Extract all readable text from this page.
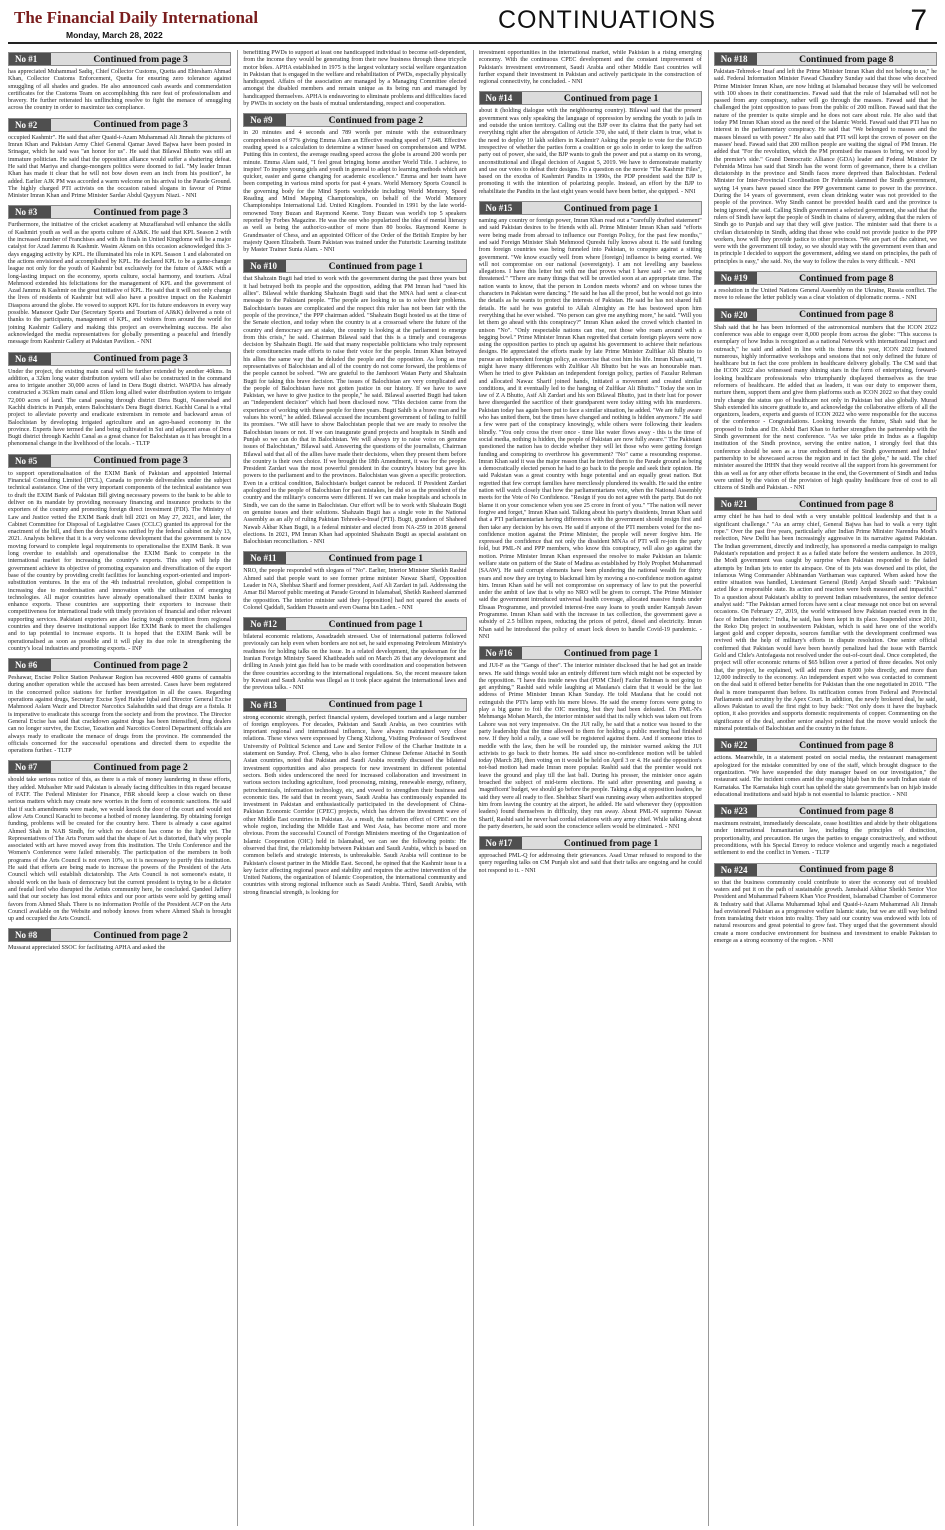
The Financial Daily International
Monday, March 28, 2022
CONTINUATIONS	7
No #1	Continued from page 3
has appreciated Muhammad Sadiq, Chief Collector Customs, Quetta and Ehtesham Ahmad Khan, Collector Customs Enforcement, Quetta for ensuring zero tolerance against smuggling of all shades and grades. He also announced cash awards and commendation certificates for the Customs Team on accomplishing this rare feat of professionalism and bravery. He further reiterated his unflinching resolve to fight the menace of smuggling across the country in order to maximize tax compliance.
No #2	Continued from page 3
occupied Kashmir". He said that after Quaid-i-Azam Muhammad Ali Jinnah the pictures of Imran Khan and Pakistan Army Chief General Qamar Javed Bajwa have been posted in Srinagar, which he said was "an honor for us". He said that Bilawal Bhutto was still an immature politician. He said that the opposition alliance would suffer a shattering defeat. He said that Mariya and change-mongers politics were doomed to fail. "My leader Imran Khan has made it clear that he will not bow down even an inch from his position", he added. Earlier AJK PM was accorded a warm welcome on his arrival to the Parade Ground. The highly charged PTI activists on the occasion raised slogans in favour of Prime Minister Imran Khan and Prime Minister Sardar Abdul Qayyum Niazi. - NNI
No #3	Continued from page 3
Furthermore, the initiative of the cricket academy at Muzaffarabad will enhance the skills of Kashmiri youth as well as the sports culture of AJ&K. He said that KPL Season 2 with the increased number of Franchises and with its finals in United Kingdome will be a major catalyst for Azad Jammu & Kashmir. Wasim Akram on this occasion acknowledged this 3-days engaging activity by KPL. He illuminated his role in KPL Season 1 and elaborated on the actions envisioned and accomplished by KPL. He declared KPL to be a game-changer league not only for the youth of Kashmir but exclusively for the future of AJ&K with a long-lasting impact on the economy, sports culture, social harmony, and tourism. Afzal Mehmood extended his felicitations for the management of KPL and the government of Azad Jammu & Kashmir on the great initiative of KPL. He said that it will not only change the lives of residents of Kashmir but will also have a positive impact on the Kashmiri Diaspora around the globe. He vowed to support KPL for its future endeavors in every way possible. Mansoor Qadir Dar (Secretary Sports and Tourism of AJ&K) delivered a note of thanks to the participants, management of KPL, and visitors from around the world for joining Kashmir Gallery and making this project an overwhelming success. He also acknowledged the media representatives for globally presenting a peaceful and friendly message from Kashmir Gallery at Pakistan Pavilion. - NNI
No #4	Continued from page 3
Under the project, the existing main canal will be further extended by another 40kms. In addition, a 32km long water distribution system will also be constructed in the command area to irrigate another 30,000 acres of land in Dera Bugti district. WAPDA has already constructed a 363km main canal and 81km long allied water distribution system to irrigate 72,000 acres of land. The canal passing through district Dera Bugti, Naseerabad and Kachhi districts in Punjab, enters Balochistan's Dera Bugti district. Kachhi Canal is a vital project to alleviate poverty and eradicate extremism in remote and backward areas of Balochistan by developing irrigated agriculture and an agro-based economy in the province. Experts have termed the land being cultivated in Sui and adjacent areas of Dera Bugti district through Kachhi Canal as a great chance for Balochistan as it has brought in a phenomenal change in the livelihood of the locals. - TLTP
No #5	Continued from page 3
to support operationalisation of the EXIM Bank of Pakistan and appointed Internal Financial Consulting Limited (IFCL), Canada to provide deliverables under the subject technical assistance. One of the very important components of the technical assistance was to draft the EXIM Bank of Pakistan Bill giving necessary powers to the bank to be able to deliver on its mandate by providing necessary financing and insurance products to the exporters of the country and promoting foreign direct investment (FDI). The Ministry of Law and Justice vetted the EXIM Bank draft bill 2021 on May 27, 2021, and later, the Cabinet Committee for Disposal of Legislative Cases (CCLC) granted its approval for the enactment of the bill, and then the decision was ratified by the federal cabinet on July 13, 2021. Analysts believe that it is a very welcome development that the government is now moving forward to complete legal requirements to operationalise the EXIM Bank. It was long overdue to establish and operationalise the EXIM Bank to compete in the international market for increasing the country's exports. This step will help the government achieve its objective of promoting expansion and diversification of the export base of the country by providing credit facilities for launching export-oriented and import-substitution ventures. In the era of the 4th industrial revolution, global competition is increasing due to modernisation and innovation with the utilisation of emerging technologies. All major countries have already operationalised their EXIM banks to enhance exports. These countries are supporting their exporters to increase their competitiveness for international trade with timely provision of financial and other relevant supporting services. Pakistani exporters are also facing tough competition from regional countries and they deserve institutional support like EXIM Bank to meet the challenges and to tap potential to increase exports. It is hoped that the EXIM Bank will be operationalised as soon as possible and it will play its due role in strengthening the country's local industries and promoting exports. - INP
No #6	Continued from page 2
Peshawar, Excise Police Station Peshawar Region has recovered 4800 grams of cannabis during another operation while the accused has been arrested. Cases have been registered in the concerned police stations for further investigation in all the cases. Regarding operations against drugs, Secretary Excise Syed Haider Iqbal and Director General Excise Mahmood Aslam Wazir and Director Narcotics Salahuddin said that drugs are a fistula. It is imperative to eradicate this scourge from the society and from the province. The Director General Excise has said that crackdown against drugs has been intensified, drug dealers can no longer survive, the Excise, Taxation and Narcotics Control Department officials are always ready to eradicate the menace of drugs from the province. He commended the officials concerned for the successful operations and directed them to expedite the operations further. - TLTP
No #7	Continued from page 2
should take serious notice of this, as there is a risk of money laundering in these efforts, they added. Mubasher Mir said Pakistan is already facing difficulties in this regard because of FATF. The Federal Minister for Finance, FBR should keep a close watch on these serious matters which may create new worries in the form of economic sanctions. He said that if such amendments were made, we would knock the door of the court and would not allow Arts Council Karachi to become a hotbed of money laundering. By obtaining foreign funding, problems will be created for the country here. There is already a case against Ahmed Shah in NAB Sindh, for which no decision has come to the light yet. The Representatives of The Arts Forum said that the shape of Art is distorted, that's why people associated with art have moved away from this institution. The Urdu Conference and the Women's Conference were failed miserably. The participation of the members in both programs of the Arts Council is not even 10%, so it is necessary to purify this institution. He said that efforts are being made to increase the powers of the President of the Arts Council which will establish dictatorship. The Arts Council is not someone's estate, it should work on the basis of democracy but the current president is trying to be a dictator and feudal lord who disrupted the Artists community here, he concluded. Qandeel Jaffery said that our society has lost moral ethics and our poor artists were sold by getting small favors from Ahmed Shah. There is no information Profile of the President ACP on the Arts Council available on the Website and nobody knows from where Ahmed Shah is brought up and occupied the Arts Council.
No #8	Continued from page 2
Mussarat appreciated SSOC for facilitating APHA and asked the
benefitting PWDs to support at least one handicapped individual to become self-dependent, from the income they would be generating from their new business through these tricycle motor bikes. APHA established in 1975 is the largest voluntary social welfare organization in Pakistan that is engaged in the welfare and rehabilitation of PWDs, especially physically handicapped. Affairs of the association are managed by a Managing Committee elected amongst the disabled members and remain unique as its being run and managed by handicapped themselves. APHA is endeavoring to eliminate problems and difficulties faced by PWDs in society on the basis of mutual understanding, respect and cooperation.
No #9	Continued from page 2
in 20 minutes and 4 seconds and 789 words per minute with the extraordinary comprehension of 97% giving Emma Alam an Effective reading speed of 7,648. Effective reading speed is a calculation to determine a winner based on comprehension and WPM. Putting this in context, the average reading speed across the globe is around 200 words per minute. Emma Alam said, "I feel great bringing home another World Title. I achieve, to inspire! To inspire young girls and youth in general to adapt to learning methods which are quicker, easier and game changing for academic excellence." Emma and her team have been competing in various mind sports for past 4 years. World Memory Sports Council is the governing body for the Mind Sports worldwide including World Memory, Speed Reading and Mind Mapping Championships, on behalf of the World Memory Championships International Ltd. United Kingdom. Founded in 1991 by the late world-renowned Tony Buzan and Raymond Keene. Tony Buzan was world's top 5 speakers reported by Forbes Magazine. He was the one who popularized the idea of mental literacy as well as being the author/co-author of more than 80 books. Raymond Keene is Grandmaster of Chess, and an appointed Officer of the Order of the British Empire by her majesty Queen Elizabeth. Team Pakistan was trained under the Futuristic Learning institute by Master Trainer Sunia Alam. - NNI
No #10	Continued from page 1
that Shahzain Bugti had tried to work with the government during the past three years but it had betrayed both its people and the opposition, adding that PM Imran had "used his allies". Bilawal while thanking Shahzain Bugti said that the MNA had sent a clear-cut message to the Pakistani people. "The people are looking to us to solve their problems. Balochistan's issues are complicated and the respect this ruler has not been fair with the people of the province," the PPP chairman added. "Shahzain Bugti hosted us at the time of the Senate election, and today when the country is at a crossroad where the future of the country and democracy are at stake, the country is looking at the parliament to emerge from this crisis," he said. Chairman Bilawal said that this is a timely and courageous decision by Shahzain Bugti. He said that many respectable politicians who truly represent their constituencies made efforts to raise their voice for the people. Imran Khan betrayed his allies the same way that he deluded the people and the opposition. As long as true representatives of Balochistan and all of the country do not come forward, the problems of the people cannot be solved. "We are grateful to the Jamhoori Watan Party and Shahzain Bugti for taking this brave decision. The issues of Balochistan are very complicated and the people of Balochistan have not gotten justice in our history. If we have to save Pakistan, we have to give justice to the people," he said. Bilawal asserted Bugti had taken an "independent decision" which had been disclosed now. "This decision came from the experience of working with these people for three years. Bugti Sahib is a brave man and he values his word," he added. Bilawal accused the incumbent government of failing to fulfill its promises. "We still have to show Balochistan people that we are ready to resolve the Balochistan issues or not. If we can inaugurate grand projects and hospitals in Sindh and Punjab so we can do that in Balochistan. We will always try to raise voice on genuine issues of Balochistan," Bilawal said. Answering the questions of the journalists, Chairman Bilawal said that all of the allies have made their decisions, when they present them before the country is their own choice. If we brought the 18th Amendment, it was for the people. President Zardari was the most powerful president in the country's history but gave his powers to the parliament and to the provinces. Balochistan was given a specific protection. Even in a critical condition, Balochistan's budget cannot be reduced. If President Zardari apologized to the people of Balochistan for past mistakes, he did so as the president of the country and the military's concerns were different. If we can make hospitals and schools in Sindh, we can do the same in Balochistan. Our effort will be to work with Shahzain Bugti on genuine issues and their solutions. Shahzain Bugti has a single vote in the National Assembly as an ally of ruling Pakistan Tehreek-e-Insaf (PTI). Bugti, grandson of Shaheed Nawab Akbar Khan Bugti, is a federal minister and elected from NA-259 in 2018 general elections. In 2021, PM Imran Khan had appointed Shahzain Bugti as special assistant on Balochistan reconciliation. - NNI
No #11	Continued from page 1
NRO, the people responded with slogans of "No". Earlier, Interior Minister Sheikh Rashid Ahmed said that people want to see former prime minister Nawaz Sharif, Opposition Leader in NA, Shehbaz Sharif and former president, Asif Ali Zardari in jail. Addressing the Amar Bil Maroof public meeting at Parade Ground in Islamabad, Sheikh Rasheed slammed the opposition. The interior minister said they [opposition] had not spared the assets of Colonel Qaddafi, Saddam Hussein and even Osama bin Laden. - NNI
No #12	Continued from page 1
bilateral economic relations, Assadzadeh stressed. Use of international patterns followed previously can help even when borders are not set, he said expressing Petroleum Ministry's readiness for holding talks on the issue. In a related development, the spokesman for the Iranian Foreign Ministry Saeed Khatibzadeh said on March 26 that any development and drilling in Arash joint gas field has to be made with coordination and cooperation between the three countries according to the international regulations. So, the recent measure taken by Kuwait and Saudi Arabia was illegal as it took place against the international laws and the previous talks. - NNI
No #13	Continued from page 1
strong economic strength, perfect financial system, developed tourism and a large number of foreign employees. For decades, Pakistan and Saudi Arabia, as two countries with important regional and international influence, have always maintained very close relations. These views were expressed by Cheng Xizhong, Visiting Professor of Southwest University of Political Science and Law and Senior Fellow of the Charhar Institute in a statement on Sunday. Prof. Cheng, who is also former Chinese Defense Attaché in South Asian countries, noted that Pakistan and Saudi Arabia recently discussed the bilateral investment opportunities and also prospects for new investment in different potential sectors. Both sides underscored the need for increased collaboration and investment in various sectors including agriculture, food processing, mining, renewable energy, refinery, petrochemicals, information technology, etc, and vowed to strengthen their business and economic ties. He said that in recent years, Saudi Arabia has continuously expanded its investment in Pakistan and enthusiastically participated in the development of China-Pakistan Economic Corridor (CPEC) projects, which has driven the investment wave of other Middle East countries in Pakistan. As a result, the radiation effect of CPEC on the whole region, including the Middle East and West Asia, has become more and more obvious. From the successful Council of Foreign Ministers meeting of the Organization of Islamic Cooperation (OIC) held in Islamabad, we can see the following points: He observed that first, the relationship between Pakistan and Saudi Arabia, which is based on common beliefs and strategic interests, is unbreakable. Saudi Arabia will continue to be Pakistan's closest partner in the Middle East. Second, he opined that the Kashmir issue is a key factor affecting regional peace and stability and requires the active intervention of the United Nations, the organization of Islamic Cooperation, the international community and countries with strong regional influence such as Saudi Arabia. Third, Saudi Arabia, with strong financial strength, is looking for
investment opportunities in the international market, while Pakistan is a rising emerging economy. With the continuous CPEC development and the constant improvement of Pakistan's investment environment, Saudi Arabia and other Middle East countries will further expand their investment in Pakistan and actively participate in the construction of regional connectivity, he concluded. - NNI
No #14	Continued from page 1
about it (holding dialogue with the neighbouring country). Bilawal said that the present government was only speaking the language of oppression by sending the youth to jails in and outside the union territory. Calling out the BJP over its claims that the party had set everything right after the abrogation of Article 370, she said, if their claim is true, what is the need to deploy 10 lakh soldiers in Kashmir? Asking the people to vote for the PAGD irrespective of whether the parties form a coalition or go solo in order to keep the saffron party out of power, she said, the BJP wants to grab the power and put a stamp on its wrong, unconstitutional and illegal decision of August 5, 2019. We have to demonstrate maturity and use our votes to defeat their designs. To a question on the movie "The Kashmir Files", based on the exodus of Kashmiri Pandits in 1990s, the PDP president said the BJP is promoting it with the intention of polarizing people. Instead, an effort by the BJP to rehabilitate the Pandits in the last eight years would have been better, she quipped. - NNI
No #15	Continued from page 1
naming any country or foreign power, Imran Khan read out a "carefully drafted statement" and said Pakistan desires to be friends with all. Prime Minister Imran Khan said "efforts were being made from abroad to influence our Foreign Policy, for the past few months," and said Foreign Minister Shah Mehmood Qureshi fully knows about it. He said funding from foreign countries was being funneled into Pakistan, to conspire against a sitting government. "We know exactly well from where [foreign] influence is being exerted. We will not compromise on our national (sovereignty). I am not levelling any baseless allegations. I have this letter but with me that proves what I have said - we are being threatened." "There are many things that will be unveiled soon at an appropriate time. The nation wants to know, that the person in London meets whom? and on whose tunes the characters in Pakistan were dancing." He said he has all the proof, but he would not go into the details as he wants to protect the interests of Pakistan. He said he has not shared full details. He said he was grateful to Allah Almighty as He has bestowed upon him everything that he ever wished. "No person can give me anything more," he said. "Will you let them go ahead with this conspiracy?" Imran Khan asked the crowd which chanted in unison "No". "Only respectable nations can rise, not those who roam around with a begging bowl." Prime Minister Imran Khan regretted that certain foreign players were now using the opposition parties to pinch up against his government to achieve their nefarious designs. He appreciated the efforts made by late Prime Minister Zulfikar Ali Bhutto to pursue an independent foreign policy, an exercise that cost him his life. Imran Khan said, "I might have many differences with Zulfikar Ali Bhutto but he was an honourable man. When he tried to give Pakistan an independent foreign policy, parties of Fazalur Rehman and allocated Nawaz Sharif joined hands, initiated a movement and created similar conditions, and it eventually led to the hanging of Zulfikar Ali Bhutto." Today the son in law of Z A Bhutto, Asif Ali Zardari and his son Bilawal Bhutto, just in their lust for power have disregarded the sacrifice of their grandparent were today sitting with his murderers. Pakistan today has again been put to face a similar situation, he added. "We are fully aware who has united them, but the times have changed and nothing is hidden anymore." He said a few were part of the conspiracy knowingly, while others were following their leaders blindly. "You only cross the river once - time like water flows away - this is the time of social media, nothing is hidden, the people of Pakistan are now fully aware." The Pakistani questioned the nation has to decide whether they will let those who were getting foreign funding and conspiring to overthrow his government? "No" came a resounding response. Imran Khan said it was the major reason that he invited them to the Parade ground as being a democratically elected person he had to go back to the people and seek their opinion. He said Pakistan was a great country with huge potential and an equally great nation. But regretted that few corrupt families have mercilessly plundered its wealth. He said the entire nation will watch closely that how the parliamentarians vote, when the National Assembly meets for the Vote of No Confidence. "Resign if you do not agree with the party. But do not blame it on your conscience when you see 25 crore in front of you." "The nation will never forgive and forget," Imran Khan said. Talking about his party's dissidents, Imran Khan said that a PTI parliamentarian having differences with the government should resign first and then take any decision by his own. He said if anyone of the PTI members voted for the no-confidence motion against the Prime Minister, the people will never forgive him. He expressed the confidence that not only the dissident MNAs of PTI will re-join the party fold, but PML-N and PPP members, who know this conspiracy, will also go against the motion. Prime Minister Imran Khan expressed the resolve to make Pakistan an Islamic welfare state on pattern of the State of Madina as established by Holy Prophet Muhammad (SAAW). He said corrupt elements have been plundering the national wealth for thirty years and now they are trying to blackmail him by moving a no-confidence motion against him. Imran Khan said he will not compromise on supremacy of law to put the powerful under the ambit of law that is why no NRO will be given to corrupt. The Prime Minister said the government introduced universal health coverage, allocated massive funds under Ehsaas Programme, and provided interest-free easy loans to youth under Kamyab Jawan Programme. Imran Khan said with the increase in tax collection, the government gave a subsidy of 2.5 billion rupees, reducing the prices of petrol, diesel and electricity. Imran Khan said he introduced the policy of smart lock down to handle Covid-19 pandemic. - NNI
No #16	Continued from page 1
and JUI-F as the "Gangs of thee". The interior minister disclosed that he had got an inside news. He said things would take an entirely different turn which might not be expected by the opposition. "I have this inside news that (PDM Chief) Fazlur Rehman is not going to get anything," Rashid said while laughing at Maulana's claim that it would be the last address of Prime Minister Imran Khan Sunday. He told Maulana that he could not extinguish the PTI's lamp with his mere blows. He said the enemy forces were going to play a big game to foil the OIC meeting, but they had been defeated. On PML-N's Mehmanga Mohan March, the interior minister said that its rally which was taken out from Lahore was not very impressive. On the JUI rally, he said that a notice was issued to the party leadership that the time allowed to them for holding a public meeting had finished now. If they hold a rally, a case will be registered against them. And if someone tries to meddle with the law, then he will be rounded up, the minister warned asking the JUI activists to go back to their homes. He said since no-confidence motion will be tabled today (March 28), then voting on it would be held on April 3 or 4. He said the opposition's not-bad motion had made Imran more popular. Rashid said that the premier would not leave the ground and play till the last ball. During his presser, the minister once again broached the subject of mid-term elections. He said after presenting and passing a 'magnificent' budget, we should go before the people. Taking a dig at opposition leaders, he said they were all ready to flee. Shehbaz Sharif was running away when authorities stopped him from leaving the country at the airport, he added. He said whenever they (opposition leaders) found themselves in difficulty, they run away. About PML-N supremo Nawaz Sharif, Rashid said he never had cordial relations with any army chief. While talking about the party deserters, he said soon the conscience sellers would be eliminated. - NNI
No #17	Continued from page 1
approached PML-Q for addressing their grievances. Asad Umar refused to respond to the query regarding talks on CM Punjab slot and said that their talks are ongoing and he could not respond to it. - NNI
No #18	Continued from page 8
Pakistan-Tehreek-e Insaf and left the Prime Minister Imran Khan did not belong to us," he said. Federal Information Minister Fawad Chaudhry Sunday said that those who deceived Prime Minister Imran Khan, are now hiding at Islamabad because they will be welcomed with 100 shoes in their constituencies. Fawad said that the rule of Islamabad will not be passed from any conspiracy, rather will go through the masses. Fawad said that he challenged the joint opposition to pass from the public of 200 million. Fawad said that the nature of the premier is quite simple and he does not care about rule. He also said that today PM Imran Khan stood as the need of the Islamic World. Fawad said that PTI has no interest in the parliamentary conspiracy. He said that "We belonged to masses and the masses blessed us with power." He also said that PTI will kept the crown of power on the masses' head. Fawad said that 200 million people are waiting the signal of PM Imran. He added that "For the revolution, which the PM promised the masses to bring, we stood by the premier's side." Grand Democratic Alliance (GDA) leader and Federal Minister Dr Fehmida Mirza has said that Sindh has the worst form of governance, there is a civilian dictatorship in the province and Sindh faces more deprived than Balochistan. Federal Minister for Inter-Provincial Coordination Dr Fehmida slammed the Sindh government, saying 14 years have passed since the PPP government came to power in the province. During the 14 years of government, even clean drinking water was not provided to the people of the province. Why Sindh cannot be provided health card and the province is being ignored, she said. Calling Sindh government a selected government, she said that the rulers of Sindh have kept the people of Sindh in chains of slavery, adding that the rulers of Sindh go to Punjab and say that they will give justice. The minister said that there is a civilian dictatorship in Sindh, adding that those who could not provide justice to the PPP workers, how will they provide justice to other provinces. "We are part of the cabinet, we were with the government till today, so we should stay with the government even than and in principle I decided to support the government, adding we stand on principles, the path of principles is easy," she said. No, the way to follow the rules is very difficult. - NNI
No #19	Continued from page 8
a resolution in the United Nations General Assembly on the Ukraine, Russia conflict. The move to release the letter publicly was a clear violation of diplomatic norms. - NNI
No #20	Continued from page 8
Shah said that he has been informed of the astronomical numbers that the ICON 2022 conference was able to engage over 8,000 people from across the globe: "This success is exemplary of how Indus is recognized as a national Network with international impact and outreach," he said and added in line with its theme this year, ICON 2022 featured numerous, highly informative workshops and sessions that not only defined the future of healthcare but in fact the core problem in healthcare delivery globally. The CM said that the ICON 2022 also witnessed many shining stars in the form of enterprising, forward-looking healthcare professionals who triumphantly displayed themselves as the true reformers of healthcare. He added that as leaders, it was our duty to empower them, nurture them, support them and give them platforms such as ICON 2022 so that they could truly change the status quo of healthcare not only in Pakistan but also globally. Murad Shah extended his sincere gratitude to, and acknowledge the collaborative efforts of all the organizers, leaders, experts and guests of ICON 2022 who were responsible for the success of the conference - Congratulations. Looking towards the future, Shah said that he proposed to Indus and Dr. Abdul Bari Khan to further strengthen the partnership with the Sindh government for the next conference. "As we take pride in Indus as a flagship institution of the Sindh province, serving the entire nation, I strongly feel that this conference should be seen as a true embodiment of the Sindh government and Indus' partnership to be showcased across the region and in fact the globe," he said. The chief minister assured the IHHN that they would receive all the support from his government for this as well as for any other efforts because in the end, the Government of Sindh and Indus were united by the vision of the provision of high quality healthcare free of cost to all citizens of Sindh and Pakistan. - NNI
No #21	Continued from page 8
army chief he has had to deal with a very unstable political leadership and that is a significant challenge." "As an army chief, General Bajwa has had to walk a very tight rope." Over the past five years, particularly after Indian Prime Minister Narendra Modi's reelection, New Delhi has been increasingly aggressive in its narrative against Pakistan. The Indian government, directly and indirectly, has sponsored a media campaign to malign Pakistan's reputation and project it as a failed state before the western audience. In 2019, the Modi government was caught by surprise when Pakistan responded to the failed attempts by Indian jets to enter its airspace. One of its jets was downed and its pilot, the infamous Wing Commander Abhinandan Varthaman was captured. When asked how the entire situation was handled, Lieutenant General (Retd) Amjad Shoaib said: "Pakistan acted like a responsible state. Its action and reaction were both measured and impactful." To a question about Pakistan's ability to prevent Indian misadventures, the senior defence analyst said: "The Pakistan armed forces have sent a clear message not once but on several occasions. On February 27, 2019, the world witnessed how Pakistan reacted even in the face of Indian rhetoric." India, he said, has been kept in its place. Suspended since 2011, the Reko Diq project in southwestern Pakistan, which is said have one of the world's largest gold and copper deposits, sources familiar with the development confirmed was revived with the help of military's efforts in dispute resolution. One senior official confirmed that Pakistan would have been heavily penalized had the issue with Barrick Gold and Chile's Antofagasta not resolved under the out-of-court deal. Once completed, the project will offer economic returns of $65 billion over a period of three decades. Not only that, the project, he explained, will add more than 8,000 jobs directly, and more than 12,000 indirectly to the economy. An independent expert who was contacted to comment on the deal said it offered better benefits for Pakistan than the one negotiated in 2010. "The deal is more transparent than before. Its ratification comes from Federal and Provincial Parliaments and scrutiny by the Apex Court. In addition, the newly brokered deal, he said, allows Pakistan to avail the first right to buy back: "Not only does it have the buyback option, it also provides and supports domestic requirements of copper. Commenting on the significance of the deal, another senior analyst pointed that the move would unlock the mineral potentials of Balochistan and the country in the future.
No #22	Continued from page 8
actions. Meanwhile, in a statement posted on social media, the restaurant management apologized for the mistake committed by one of the staff, which brought disgrace to the organization. "We have suspended the duty manager based on our investigation," the restaurant said. The incident comes amid the ongoing hijab ban in the south Indian state of Karnataka. The Karnataka high court has upheld the state government's ban on hijab inside educational institutions and said hijab is not essential to Islamic practice. - NNI
No #23	Continued from page 8
maximum restraint, immediately deescalate, cease hostilities and abide by their obligations under international humanitarian law, including the principles of distinction, proportionality, and precaution. He urges the parties to engage constructively, and without preconditions, with his Special Envoy to reduce violence and urgently reach a negotiated settlement to end the conflict in Yemen. - TLTP
No #24	Continued from page 8
so that the business community could contribute to steer the economy out of troubled waters and put it on the path of sustainable growth. Jamshaid Akhtar Sheikh Senior Vice President and Muhammad Faheem Khan Vice President, Islamabad Chamber of Commerce & Industry said that Allama Muhammad Iqbal and Quaid-i-Azam Muhammad Ali Jinnah had envisioned Pakistan as a progressive welfare Islamic state, but we are still way behind from translating their vision into reality. They said our country was endowed with lots of natural resources and great potential to grow fast. They urged that the government should create a more conducive environment for business and investment to enable Pakistan to emerge as a strong economy of the region. - NNI
